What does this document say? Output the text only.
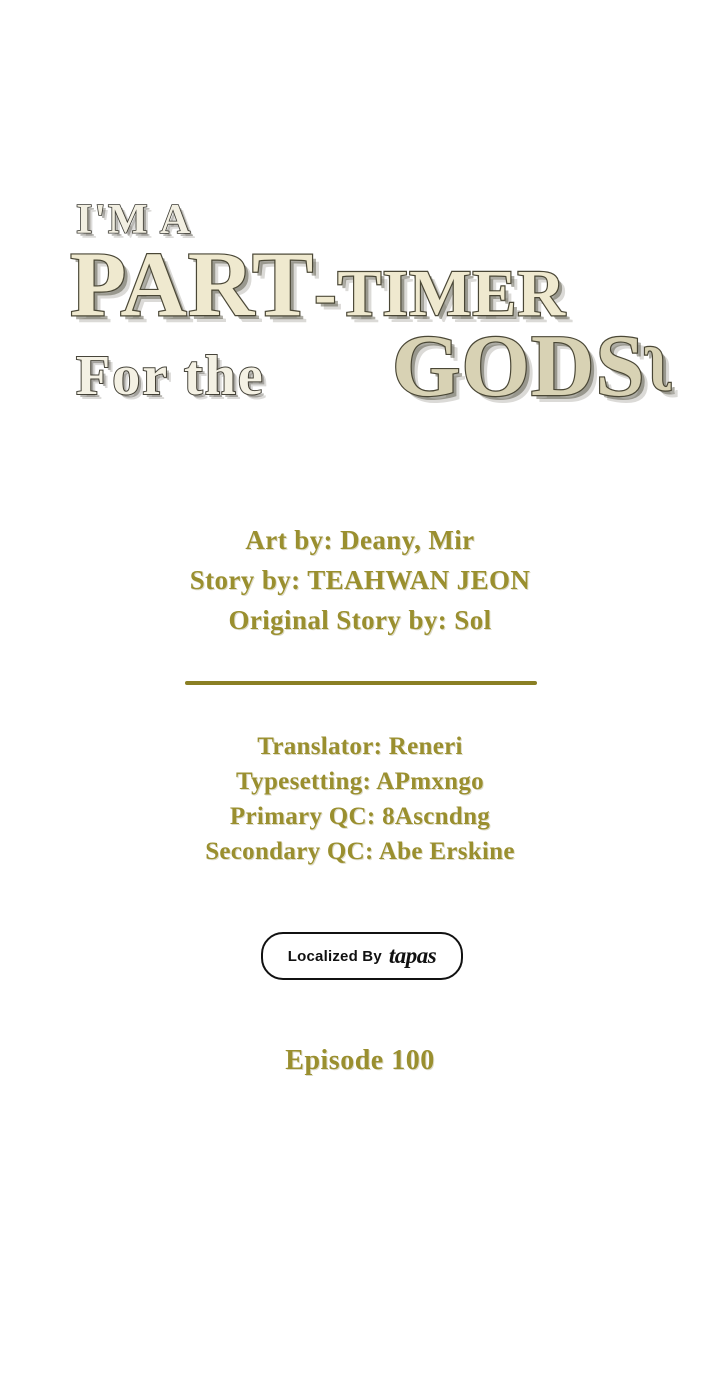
I'M A
PART-TIMER
For the $GODS^ʅ$
Art by: Deany, Mir
Story by: TEAHWAN JEON
Original Story by: Sol
Translator: Reneri
Typesetting: APmxngo
Primary QC: 8Ascndng
Secondary QC: Abe Erskine
Localized By tapas
Episode 100
